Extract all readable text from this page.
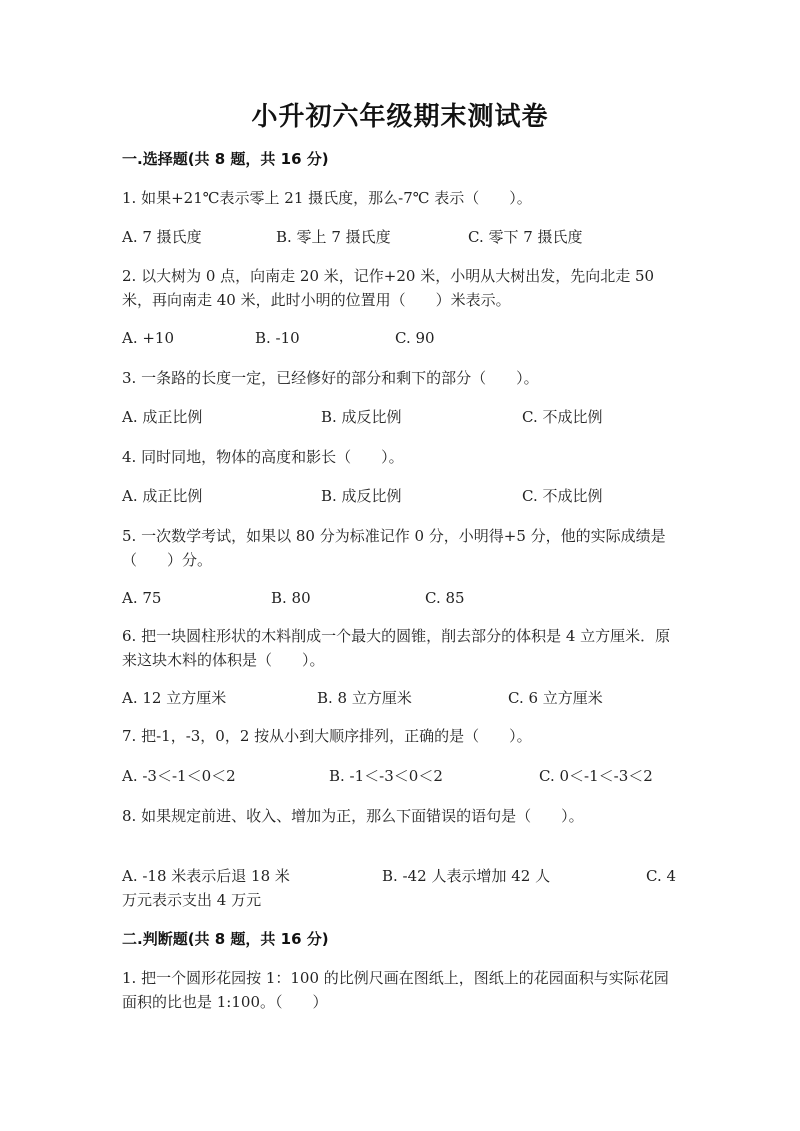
小升初六年级期末测试卷
一.选择题(共 8 题，共 16 分)
1. 如果+21℃表示零上 21 摄氏度，那么-7℃ 表示（　　）。
A. 7 摄氏度	B. 零上 7 摄氏度	C. 零下 7 摄氏度
2. 以大树为 0 点，向南走 20 米，记作+20 米，小明从大树出发，先向北走 50 米，再向南走 40 米，此时小明的位置用（　　）米表示。
A. +10	B. -10	C. 90
3. 一条路的长度一定，已经修好的部分和剩下的部分（　　）。
A. 成正比例	B. 成反比例	C. 不成比例
4. 同时同地，物体的高度和影长（　　）。
A. 成正比例	B. 成反比例	C. 不成比例
5. 一次数学考试，如果以 80 分为标准记作 0 分，小明得+5 分，他的实际成绩是（　　）分。
A. 75	B. 80	C. 85
6. 把一块圆柱形状的木料削成一个最大的圆锥，削去部分的体积是 4 立方厘米．原来这块木料的体积是（　　）。
A. 12 立方厘米	B. 8 立方厘米	C. 6 立方厘米
7. 把-1，-3，0，2 按从小到大顺序排列，正确的是（　　）。
A. -3＜-1＜0＜2	B. -1＜-3＜0＜2	C. 0＜-1＜-3＜2
8. 如果规定前进、收入、增加为正，那么下面错误的语句是（　　）。
A. -18 米表示后退 18 米	B. -42 人表示增加 42 人	C. 4
万元表示支出 4 万元
二.判断题(共 8 题，共 16 分)
1. 把一个圆形花园按 1：100 的比例尺画在图纸上，图纸上的花园面积与实际花园面积的比也是 1:100。（　　）
